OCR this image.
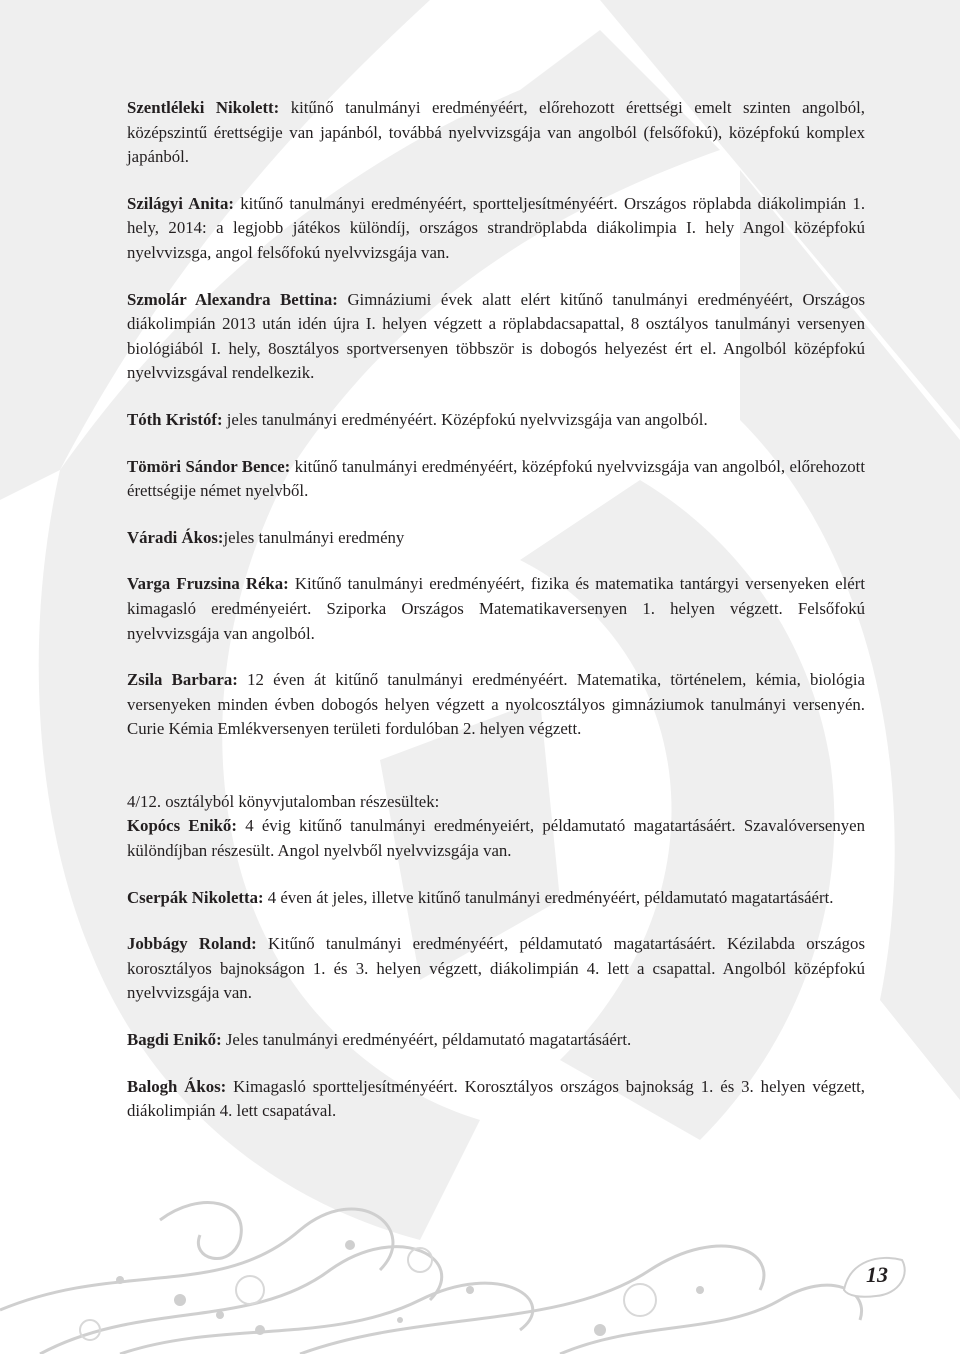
Szentléleki Nikolett: kitűnő tanulmányi eredményéért, előrehozott érettségi emelt szinten angolból, középszintű érettségije van japánból, továbbá nyelvvizsgája van angolból (felsőfokú), középfokú komplex japánból.

Szilágyi Anita: kitűnő tanulmányi eredményéért, sportteljesítményéért. Országos röplabda diákolimpián 1. hely, 2014: a legjobb játékos különdíj, országos strandröplabda diákolimpia I. hely Angol középfokú nyelvvizsga, angol felsőfokú nyelvvizsgája van.

Szmolár Alexandra Bettina: Gimnáziumi évek alatt elért kitűnő tanulmányi eredményéért, Országos diákolimpián 2013 után idén újra I. helyen végzett a röplabdacsapattal, 8 osztályos tanulmányi versenyen biológiából I. hely, 8osztályos sportversenyen többször is dobogós helyezést ért el. Angolból középfokú nyelvvizsgával rendelkezik.

Tóth Kristóf: jeles tanulmányi eredményéért. Középfokú nyelvvizsgája van angolból.

Tömöri Sándor Bence: kitűnő tanulmányi eredményéért, középfokú nyelvvizsgája van angolból, előrehozott érettségije német nyelvből.

Váradi Ákos:jeles tanulmányi eredmény

Varga Fruzsina Réka: Kitűnő tanulmányi eredményéért, fizika és matematika tantárgyi versenyeken elért kimagasló eredményeiért. Sziporka Országos Matematikaversenyen 1. helyen végzett. Felsőfokú nyelvvizsgája van angolból.

Zsila Barbara: 12 éven át kitűnő tanulmányi eredményéért. Matematika, történelem, kémia, biológia versenyeken minden évben dobogós helyen végzett a nyolcosztályos gimnáziumok tanulmányi versenyén. Curie Kémia Emlékversenyen területi fordulóban 2. helyen végzett.

4/12. osztályból könyvjutalomban részesültek:

Kopócs Enikő: 4 évig kitűnő tanulmányi eredményeiért, példamutató magatartásáért. Szavalóversenyen különdíjban részesült. Angol nyelvből nyelvvizsgája van.

Cserpák Nikoletta: 4 éven át jeles, illetve kitűnő tanulmányi eredményéért, példamutató magatartásáért.

Jobbágy Roland: Kitűnő tanulmányi eredményéért, példamutató magatartásáért. Kézilabda országos korosztályos bajnokságon 1. és 3. helyen végzett, diákolimpián 4. lett a csapattal. Angolból középfokú nyelvvizsgája van.

Bagdi Enikő: Jeles tanulmányi eredményéért, példamutató magatartásáért.

Balogh Ákos: Kimagasló sportteljesítményéért. Korosztályos országos bajnokság 1. és 3. helyen végzett, diákolimpián 4. lett csapatával.

13
